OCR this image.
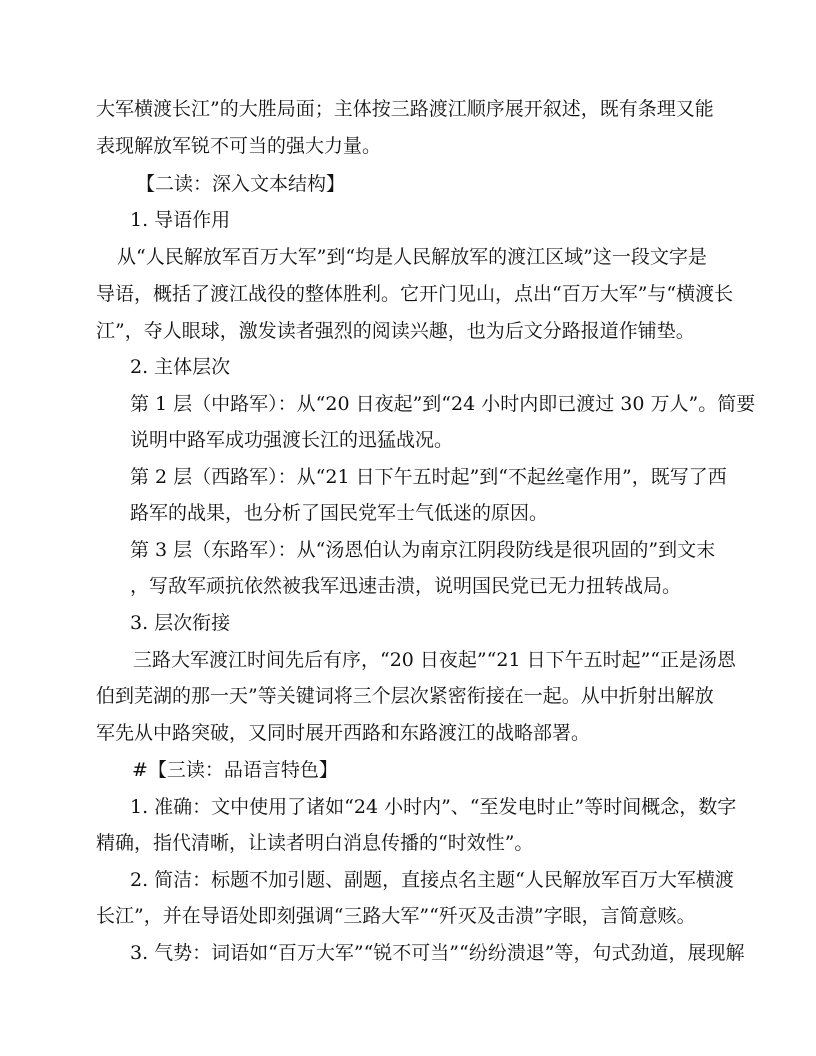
大军横渡长江”的大胜局面；主体按三路渡江顺序展开叙述，既有条理又能
表现解放军锐不可当的强大力量。
【二读：深入文本结构】
1. 导语作用
从“人民解放军百万大军”到“均是人民解放军的渡江区域”这一段文字是
导语，概括了渡江战役的整体胜利。它开门见山，点出“百万大军”与“横渡长
江”，夺人眼球，激发读者强烈的阅读兴趣，也为后文分路报道作铺垫。
2. 主体层次
第 1 层（中路军）：从“20 日夜起”到“24 小时内即已渡过 30 万人”。简要
说明中路军成功强渡长江的迅猛战况。
第 2 层（西路军）：从“21 日下午五时起”到“不起丝毫作用”，既写了西
路军的战果，也分析了国民党军士气低迷的原因。
第 3 层（东路军）：从“汤恩伯认为南京江阴段防线是很巩固的”到文末
，写敌军顽抗依然被我军迅速击溃，说明国民党已无力扭转战局。
3. 层次衔接
三路大军渡江时间先后有序，“20 日夜起”“21 日下午五时起”“正是汤恩
伯到芜湖的那一天”等关键词将三个层次紧密衔接在一起。从中折射出解放
军先从中路突破，又同时展开西路和东路渡江的战略部署。
#【三读：品语言特色】
1. 准确：文中使用了诸如“24 小时内”、“至发电时止”等时间概念，数字
精确，指代清晰，让读者明白消息传播的“时效性”。
2. 简洁：标题不加引题、副题，直接点名主题“人民解放军百万大军横渡
长江”，并在导语处即刻强调“三路大军”“歼灭及击溃”字眼，言简意赅。
3. 气势：词语如“百万大军”“锐不可当”“纷纷溃退”等，句式劲道，展现解
